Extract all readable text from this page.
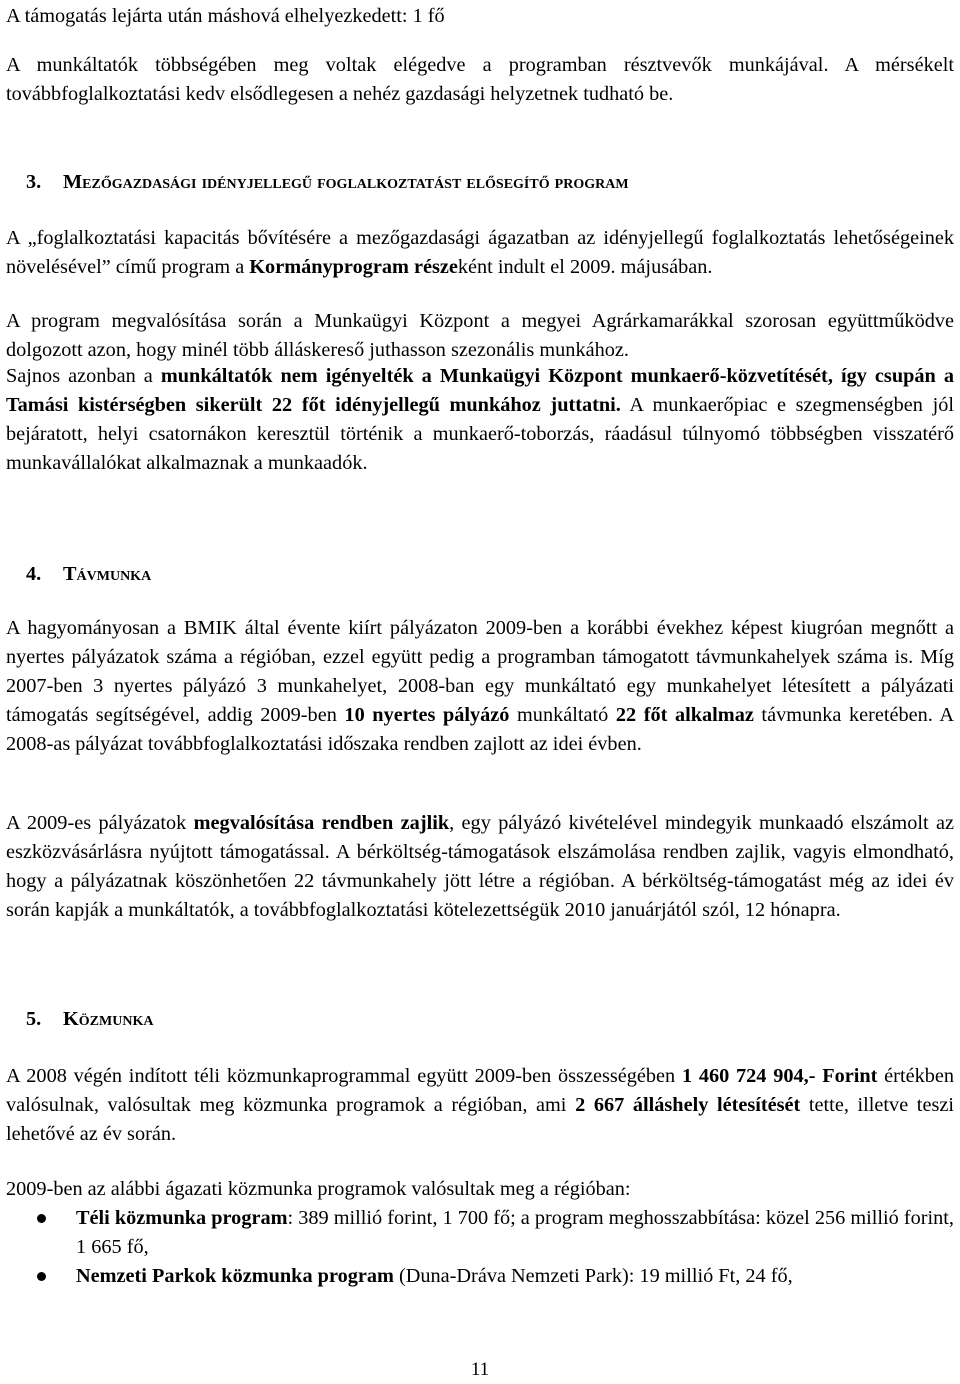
A támogatás lejárta után máshová elhelyezkedett: 1 fő
A munkáltatók többségében meg voltak elégedve a programban résztvevők munkájával. A mérsékelt továbbfoglalkoztatási kedv elsődlegesen a nehéz gazdasági helyzetnek tudható be.
3. Mezőgazdasági idényjellegű foglalkoztatást elősegítő program
A „foglalkoztatási kapacitás bővítésére a mezőgazdasági ágazatban az idényjellegű foglalkoztatás lehetőségeinek növelésével” című program a Kormányprogram részeként indult el 2009. májusában.
A program megvalósítása során a Munkaügyi Központ a megyei Agrárkamarákkal szorosan együttműködve dolgozott azon, hogy minél több álláskereső juthasson szezonális munkához.
Sajnos azonban a munkáltatók nem igényelték a Munkaügyi Központ munkaerő-közvetítését, így csupán a Tamási kistérségben sikerült 22 főt idényjellegű munkához juttatni. A munkaerőpiac e szegmenségben jól bejáratott, helyi csatornákon keresztül történik a munkaerő-toborzás, ráadásul túlnyomó többségben visszatérő munkavállalókat alkalmaznak a munkaadók.
4. Távmunka
A hagyományosan a BMIK által évente kiírt pályázaton 2009-ben a korábbi évekhez képest kiugróan megnőtt a nyertes pályázatok száma a régióban, ezzel együtt pedig a programban támogatott távmunkahelyek száma is. Míg 2007-ben 3 nyertes pályázó 3 munkahelyet, 2008-ban egy munkáltató egy munkahelyet létesített a pályázati támogatás segítségével, addig 2009-ben 10 nyertes pályázó munkáltató 22 főt alkalmaz távmunka keretében. A 2008-as pályázat továbbfoglalkoztatási időszaka rendben zajlott az idei évben.
A 2009-es pályázatok megvalósítása rendben zajlik, egy pályázó kivételével mindegyik munkaadó elszámolt az eszközvásárlásra nyújtott támogatással. A bérköltség-támogatások elszámolása rendben zajlik, vagyis elmondható, hogy a pályázatnak köszönhetően 22 távmunkahely jött létre a régióban. A bérköltség-támogatást még az idei év során kapják a munkáltatók, a továbbfoglalkoztatási kötelezettségük 2010 januárjától szól, 12 hónapra.
5. Közmunka
A 2008 végén indított téli közmunkaprogrammal együtt 2009-ben összességében 1 460 724 904,- Forint értékben valósulnak, valósultak meg közmunka programok a régióban, ami 2 667 álláshely létesítését tette, illetve teszi lehetővé az év során.
2009-ben az alábbi ágazati közmunka programok valósultak meg a régióban:
Téli közmunka program: 389 millió forint, 1 700 fő; a program meghosszabbítása: közel 256 millió forint, 1 665 fő,
Nemzeti Parkok közmunka program (Duna-Dráva Nemzeti Park): 19 millió Ft, 24 fő,
11
